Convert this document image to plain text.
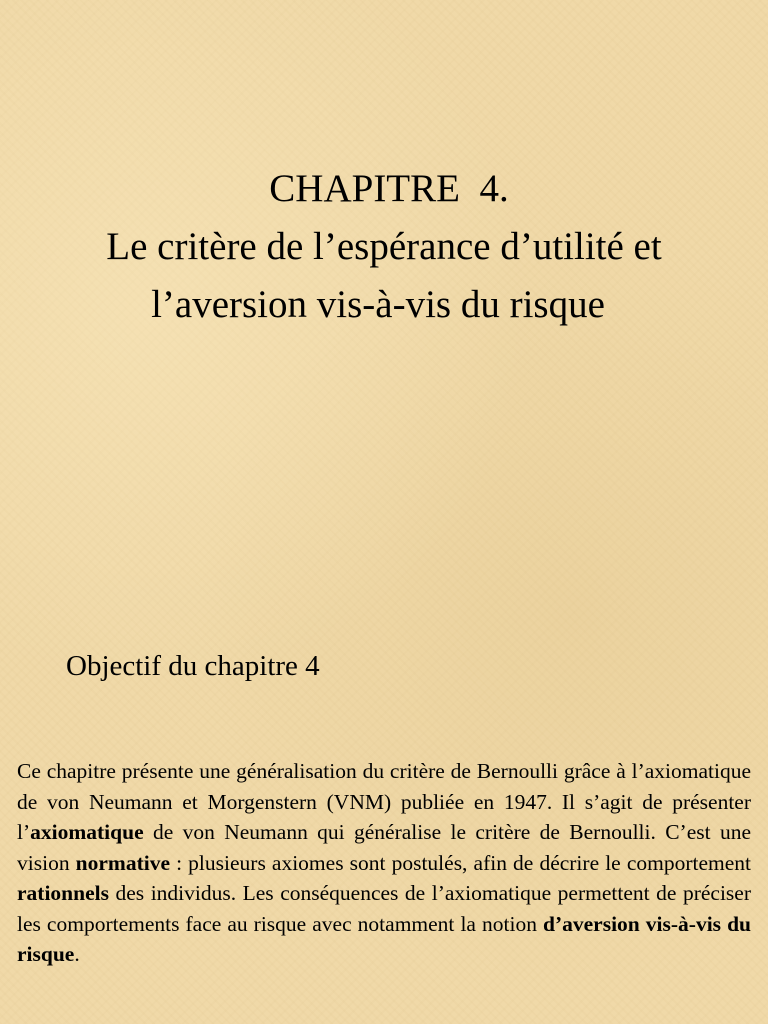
CHAPITRE  4.
Le critère de l’espérance d’utilité et
l’aversion vis-à-vis du risque
Objectif du chapitre 4
Ce chapitre présente une généralisation du critère de Bernoulli grâce à l’axiomatique de von Neumann et Morgenstern (VNM) publiée en 1947. Il s’agit de présenter l’axiomatique de von Neumann qui généralise le critère de Bernoulli. C’est une vision normative : plusieurs axiomes sont postulés, afin de décrire le comportement rationnels des individus. Les conséquences de l’axiomatique permettent de préciser les comportements face au risque avec notamment la notion d’aversion vis-à-vis du risque.
